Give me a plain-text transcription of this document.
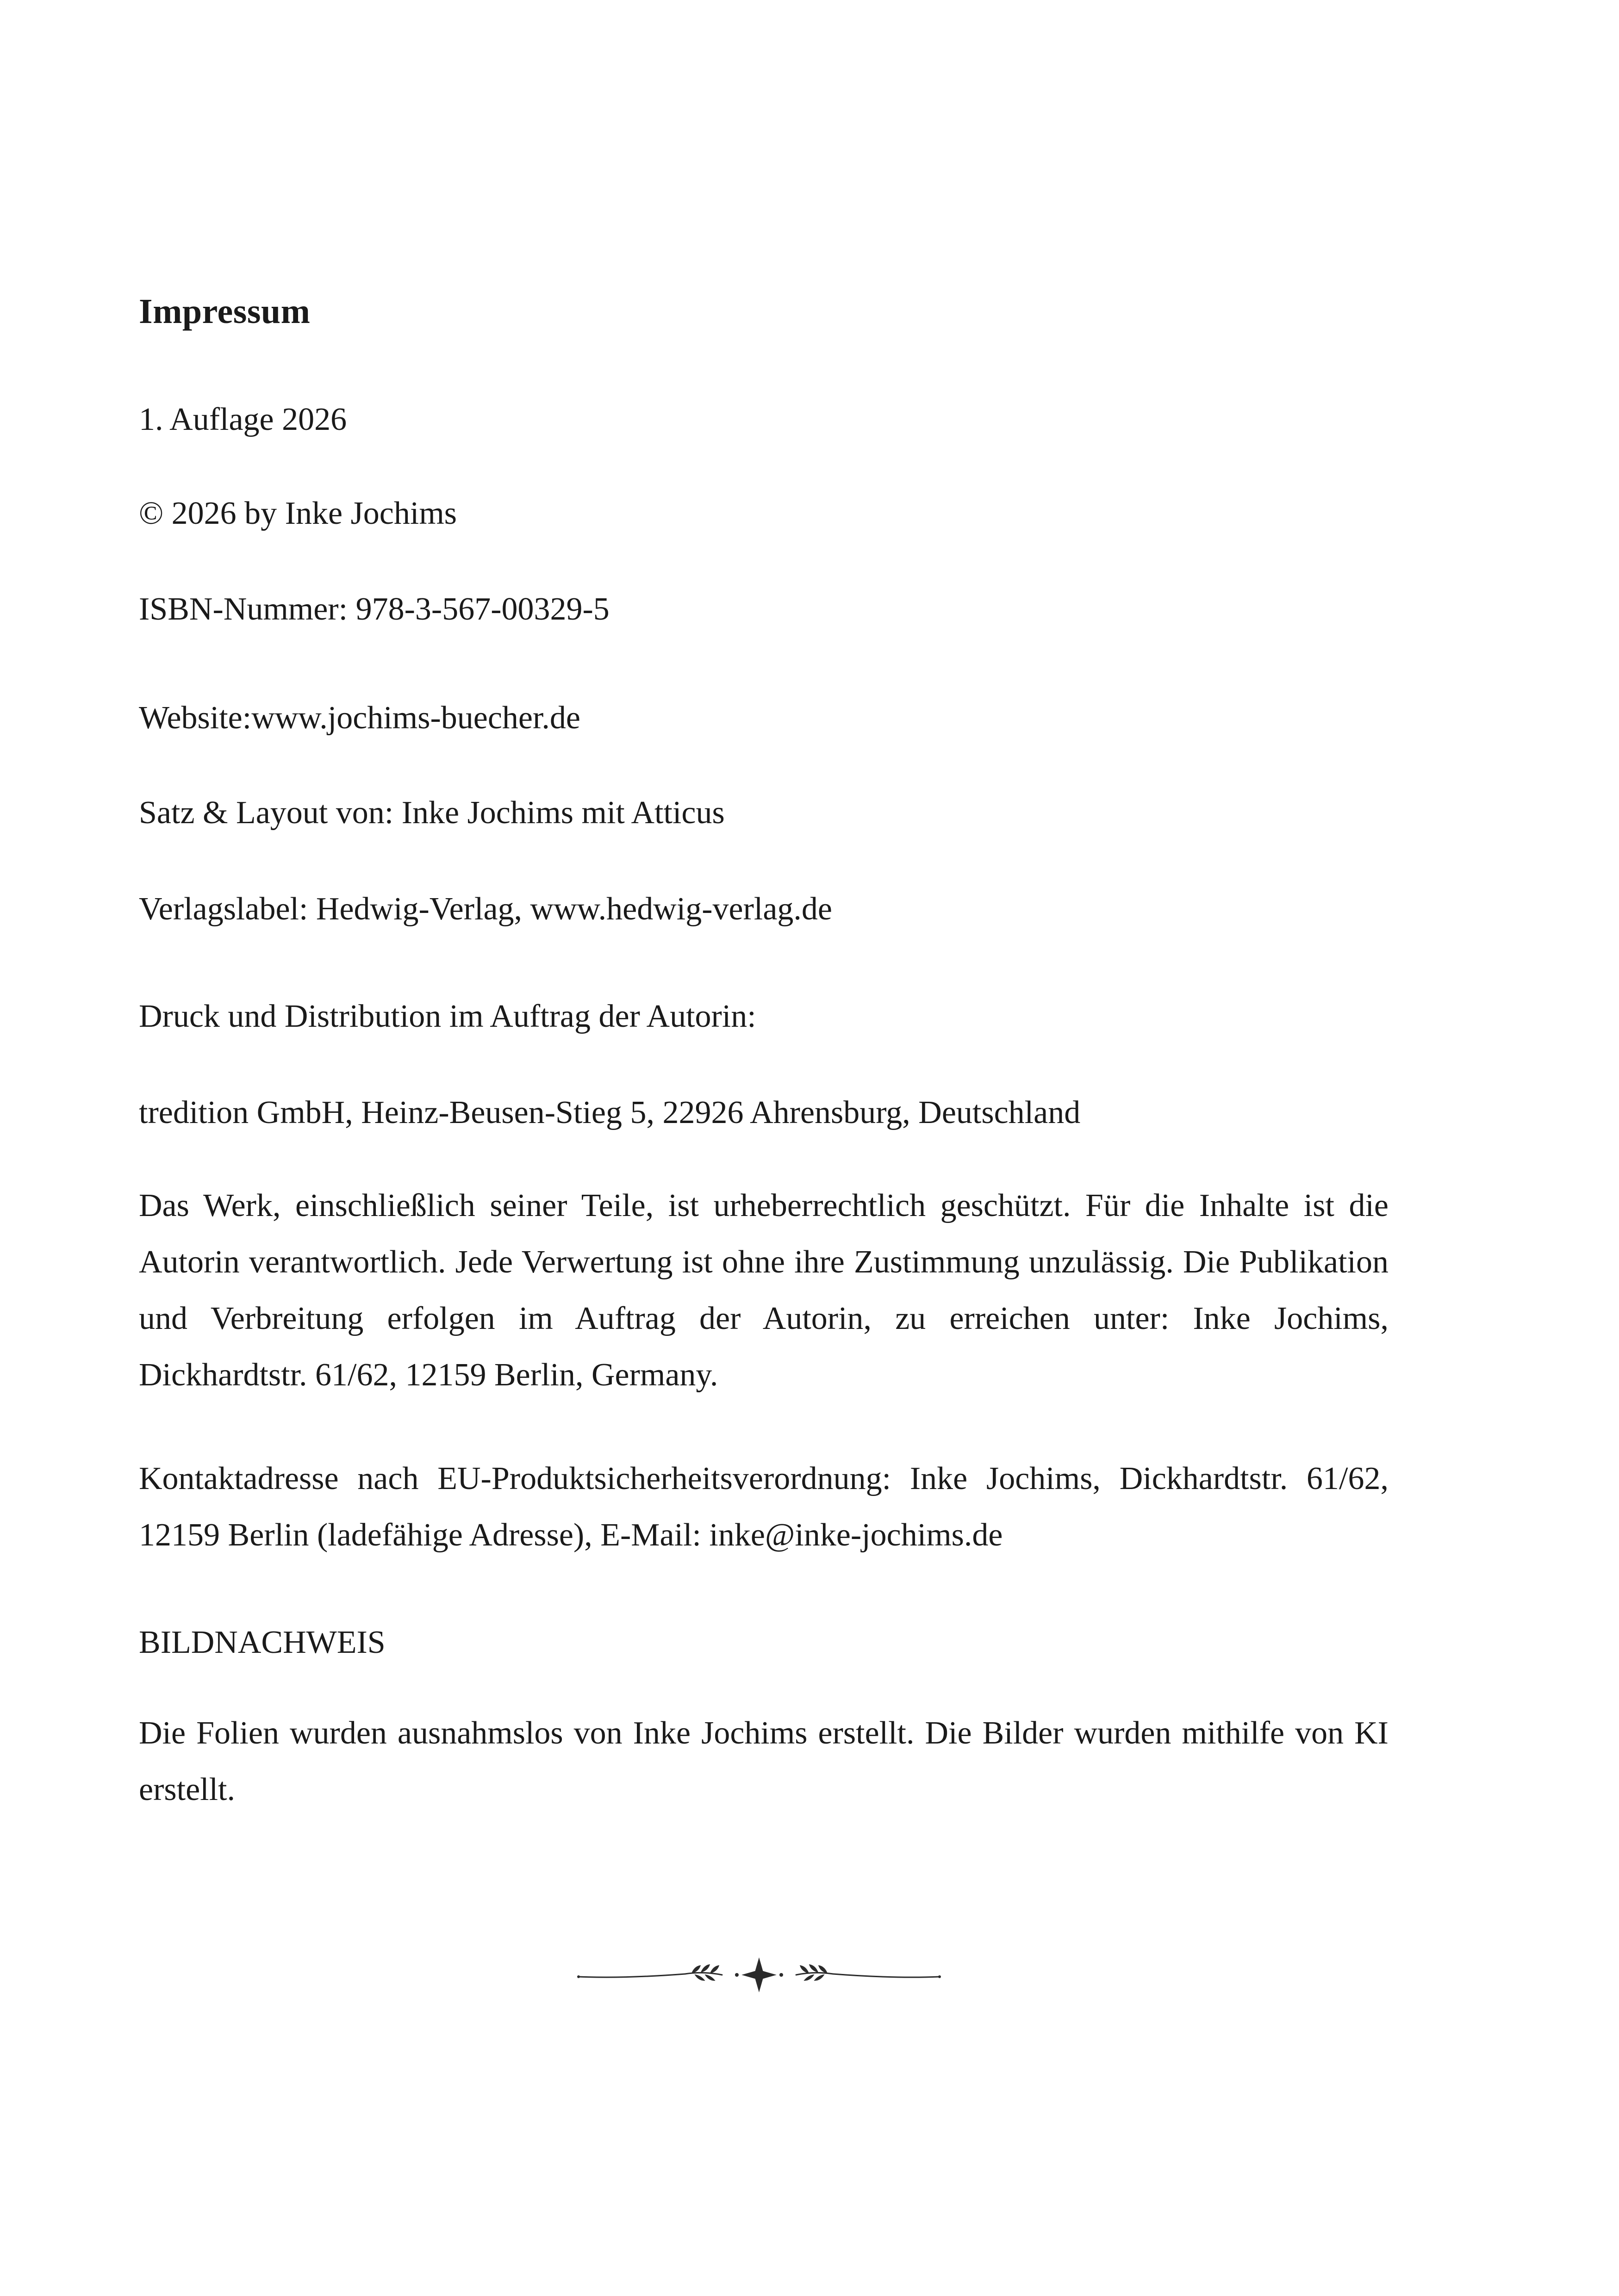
Impressum
1. Auflage 2026
© 2026 by Inke Jochims
ISBN-Nummer: 978-3-567-00329-5
Website:www.jochims-buecher.de
Satz & Layout von: Inke Jochims mit Atticus
Verlagslabel: Hedwig-Verlag, www.hedwig-verlag.de
Druck und Distribution im Auftrag der Autorin:
tredition GmbH, Heinz-Beusen-Stieg 5, 22926 Ahrensburg, Deutschland
Das Werk, einschließlich seiner Teile, ist urheberrechtlich geschützt. Für die Inhalte ist die Autorin verantwortlich. Jede Verwertung ist ohne ihre Zustimmung unzulässig. Die Publikation und Verbreitung erfolgen im Auftrag der Autorin, zu erreichen unter: Inke Jochims, Dickhardtstr. 61/62, 12159 Berlin, Germany.
Kontaktadresse nach EU-Produktsicherheitsverordnung: Inke Jochims, Dickhardtstr. 61/62, 12159 Berlin (ladefähige Adresse), E-Mail: inke@inke-jochims.de
BILDNACHWEIS
Die Folien wurden ausnahmslos von Inke Jochims erstellt. Die Bilder wurden mithilfe von KI erstellt.
